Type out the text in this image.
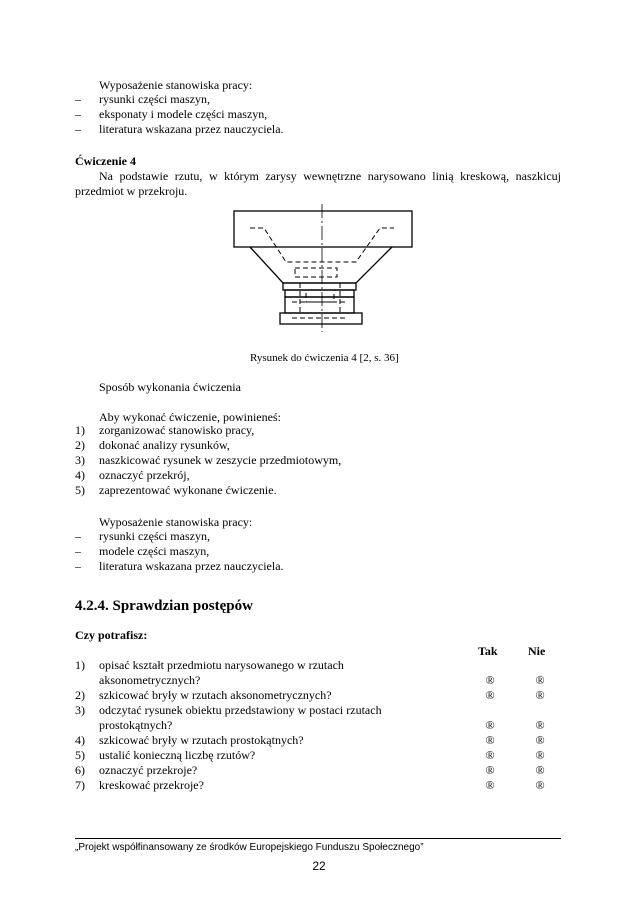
Wyposażenie stanowiska pracy:
– rysunki części maszyn,
– eksponaty i modele części maszyn,
– literatura wskazana przez nauczyciela.
Ćwiczenie 4
Na podstawie rzutu, w którym zarysy wewnętrzne narysowano linią kreskową, naszkicuj
przedmiot w przekroju.
Rysunek do ćwiczenia 4 [2, s. 36]
Sposób wykonania ćwiczenia
Aby wykonać ćwiczenie, powinieneś:
1) zorganizować stanowisko pracy,
2) dokonać analizy rysunków,
3) naszkicować rysunek w zeszycie przedmiotowym,
4) oznaczyć przekrój,
5) zaprezentować wykonane ćwiczenie.
Wyposażenie stanowiska pracy:
– rysunki części maszyn,
– modele części maszyn,
– literatura wskazana przez nauczyciela.
4.2.4. Sprawdzian postępów
Czy potrafisz:
Tak	Nie
1) opisać kształt przedmiotu narysowanego w rzutach
aksonometrycznych?	®	®
2) szkicować bryły w rzutach aksonometrycznych?	®	®
3) odczytać rysunek obiektu przedstawiony w postaci rzutach
prostokątnych?	®	®
4) szkicować bryły w rzutach prostokątnych?	®	®
5) ustalić konieczną liczbę rzutów?	®	®
6) oznaczyć przekroje?	®	®
7) kreskować przekroje?	®	®
„Projekt współfinansowany ze środków Europejskiego Funduszu Społecznego”
22
